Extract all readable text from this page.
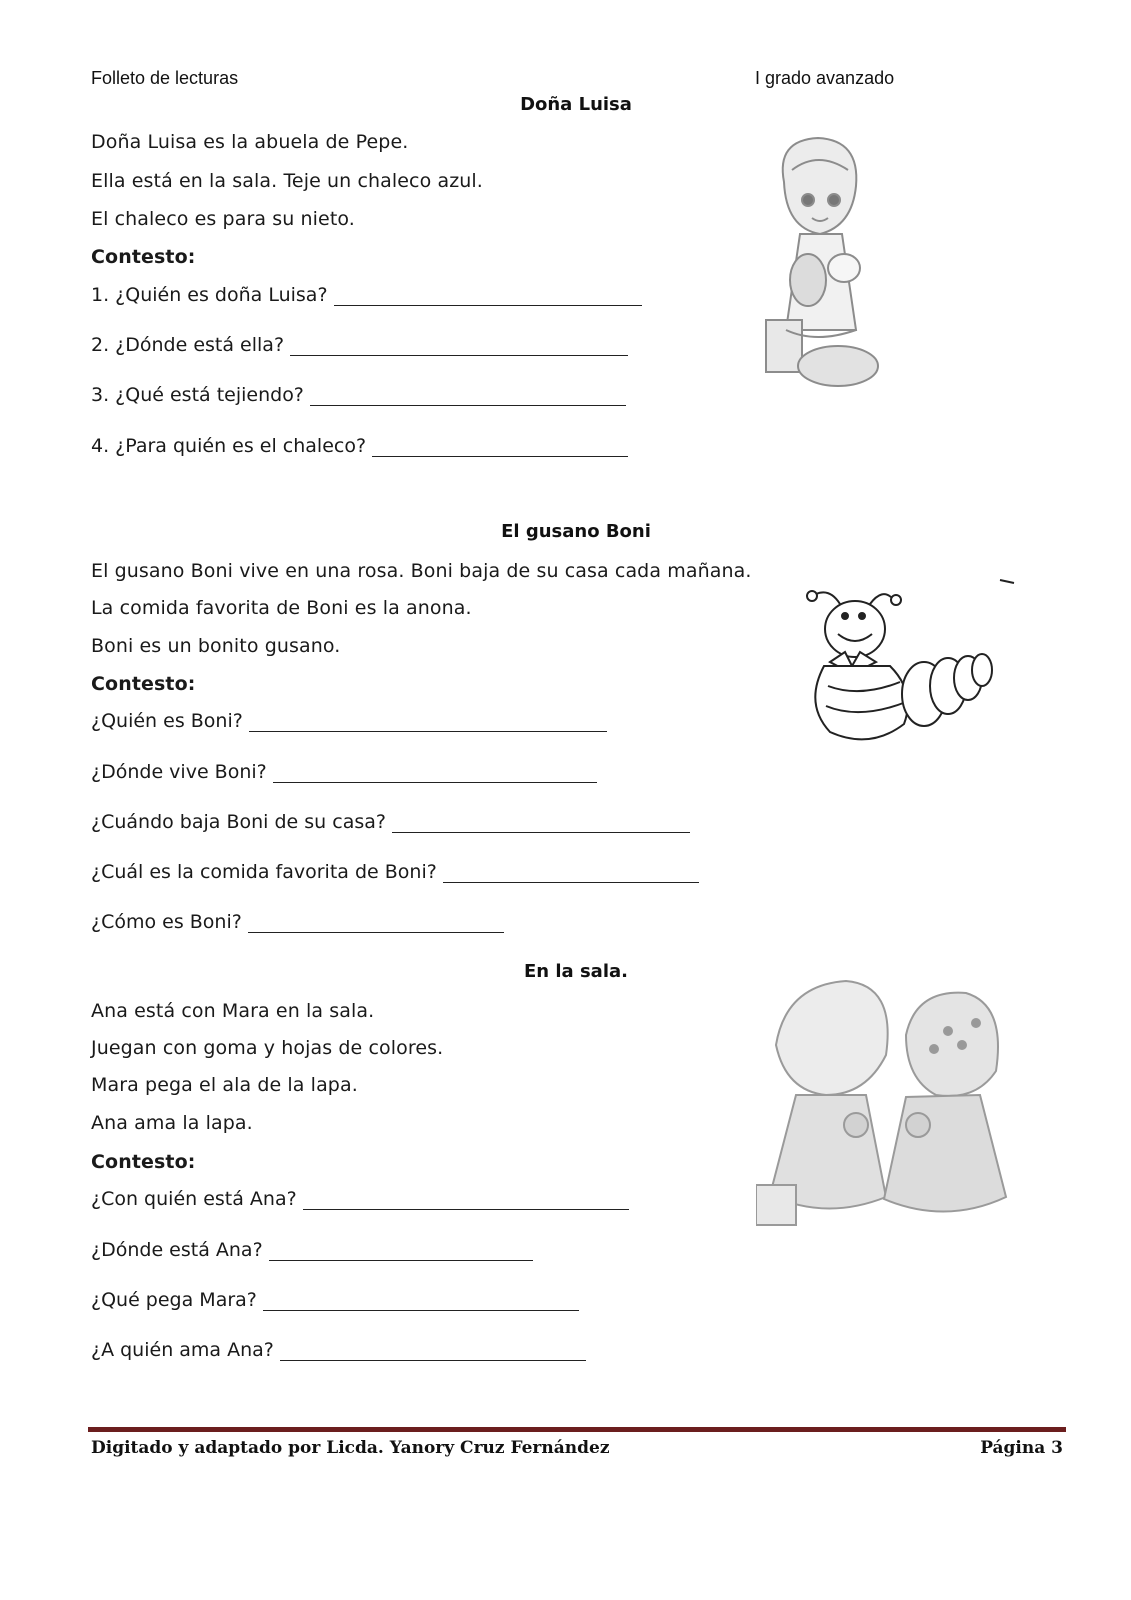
Folleto de lecturas	I grado avanzado
Doña Luisa
Doña Luisa es la abuela de Pepe.
Ella está en la sala. Teje un chaleco azul.
El chaleco es para su nieto.
Contesto:
1. ¿Quién es doña Luisa?
2. ¿Dónde está ella?
3. ¿Qué está tejiendo?
4. ¿Para quién es el chaleco?
El gusano Boni
El gusano Boni vive en una rosa. Boni baja de su casa cada mañana.
La comida favorita de Boni es la anona.
Boni es un bonito gusano.
Contesto:
¿Quién es Boni?
¿Dónde vive Boni?
¿Cuándo baja Boni de su casa?
¿Cuál es la comida favorita de Boni?
¿Cómo es Boni?
En la sala.
Ana está con Mara en la sala.
Juegan con goma y hojas de colores.
Mara pega el ala de la lapa.
Ana ama la lapa.
Contesto:
¿Con quién está Ana?
¿Dónde está Ana?
¿Qué pega Mara?
¿A quién ama Ana?
Digitado y adaptado por Licda. Yanory Cruz Fernández	Página 3
